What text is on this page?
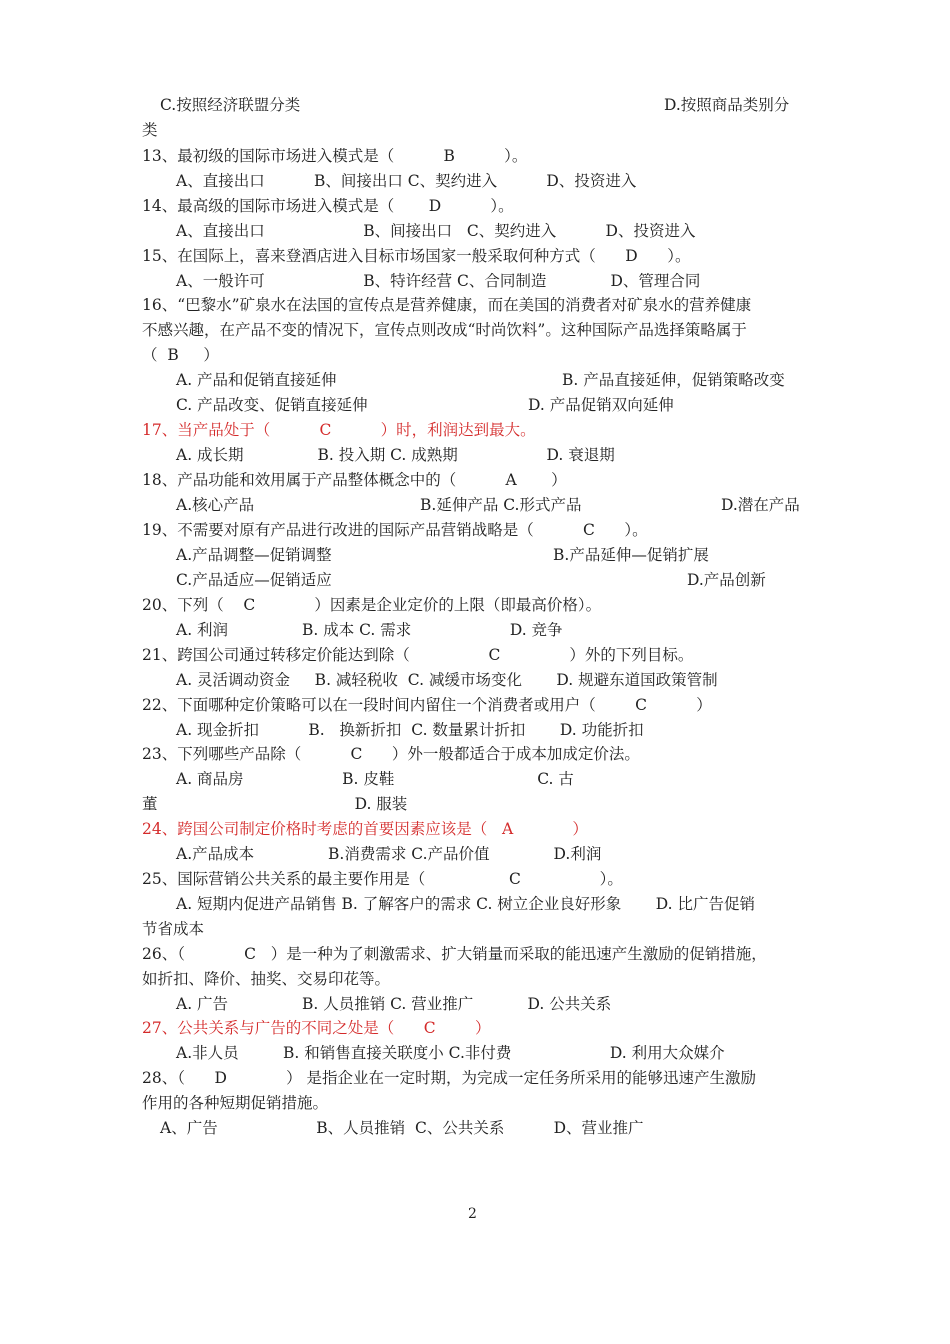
C.按照经济联盟分类	D.按照商品类别分
类
13、最初级的国际市场进入模式是（          B          ）。
A、直接出口          B、间接出口 C、契约进入          D、投资进入
14、最高级的国际市场进入模式是（       D          ）。
A、直接出口                    B、间接出口   C、契约进入          D、投资进入
15、在国际上，喜来登酒店进入目标市场国家一般采取何种方式（      D      ）。
A、一般许可                    B、特许经营 C、合同制造             D、管理合同
16、“巴黎水”矿泉水在法国的宣传点是营养健康，而在美国的消费者对矿泉水的营养健康
不感兴趣，在产品不变的情况下，宣传点则改成“时尚饮料”。这种国际产品选择策略属于
（  B     ）
A. 产品和促销直接延伸	B. 产品直接延伸，促销策略改变
C. 产品改变、促销直接延伸	D. 产品促销双向延伸
17、当产品处于（          C          ）时，利润达到最大。
A. 成长期               B. 投入期 C. 成熟期                  D. 衰退期
18、产品功能和效用属于产品整体概念中的（          A       ）
A.核心产品	B.延伸产品 C.形式产品	D.潜在产品
19、不需要对原有产品进行改进的国际产品营销战略是（          C      ）。
A.产品调整—促销调整	B.产品延伸—促销扩展
C.产品适应—促销适应	D.产品创新
20、下列（    C            ）因素是企业定价的上限（即最高价格）。
A. 利润               B. 成本 C. 需求                    D. 竞争
21、跨国公司通过转移定价能达到除（                C              ）外的下列目标。
A. 灵活调动资金     B. 减轻税收  C. 减缓市场变化       D. 规避东道国政策管制
22、下面哪种定价策略可以在一段时间内留住一个消费者或用户（        C          ）
A. 现金折扣          B.   换新折扣  C. 数量累计折扣       D. 功能折扣
23、下列哪些产品除（          C      ）外一般都适合于成本加成定价法。
A. 商品房                    B. 皮鞋                             C. 古
董                                        D. 服装
24、跨国公司制定价格时考虑的首要因素应该是（   A            ）
A.产品成本               B.消费需求 C.产品价值             D.利润
25、国际营销公共关系的最主要作用是（                 C                ）。
A. 短期内促进产品销售 B. 了解客户的需求 C. 树立企业良好形象       D. 比广告促销
节省成本
26、（            C   ）是一种为了刺激需求、扩大销量而采取的能迅速产生激励的促销措施，
如折扣、降价、抽奖、交易印花等。
A. 广告               B. 人员推销 C. 营业推广           D. 公共关系
27、公共关系与广告的不同之处是（      C        ）
A.非人员         B. 和销售直接关联度小 C.非付费                    D. 利用大众媒介
28、（      D            ） 是指企业在一定时期，为完成一定任务所采用的能够迅速产生激励
作用的各种短期促销措施。
A、广告                    B、人员推销  C、公共关系          D、营业推广
2
